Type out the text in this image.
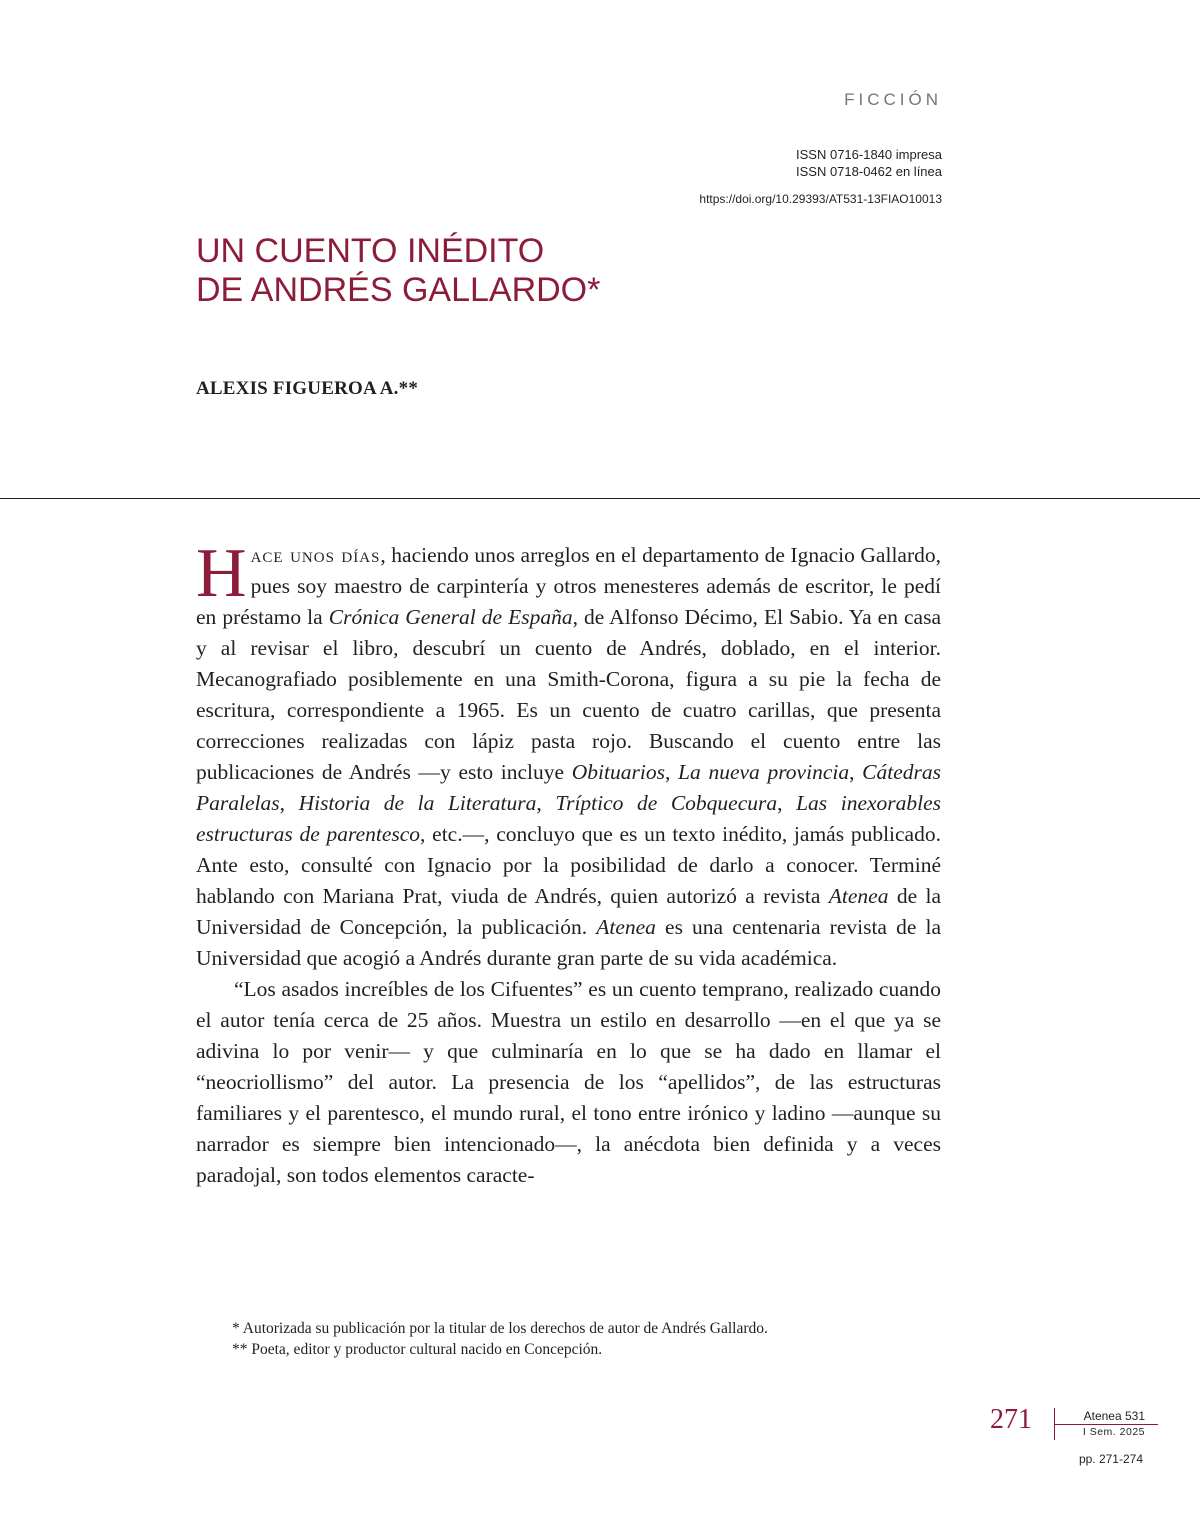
FICCIÓN
ISSN 0716-1840 impresa
ISSN 0718-0462 en línea
https://doi.org/10.29393/AT531-13FIAO10013
UN CUENTO INÉDITO
DE ANDRÉS GALLARDO*
ALEXIS FIGUEROA A.**

Hace unos días, haciendo unos arreglos en el departamento de Ignacio Gallardo, pues soy maestro de carpintería y otros menesteres además de escritor, le pedí en préstamo la Crónica General de España, de Alfonso Décimo, El Sabio. Ya en casa y al revisar el libro, descubrí un cuento de Andrés, doblado, en el interior. Mecanografiado posiblemente en una Smith-Corona, figura a su pie la fecha de escritura, correspondiente a 1965. Es un cuento de cuatro carillas, que presenta correcciones realizadas con lápiz pasta rojo. Buscando el cuento entre las publicaciones de Andrés —y esto incluye Obituarios, La nueva provincia, Cátedras Paralelas, Historia de la Literatura, Tríptico de Cobquecura, Las inexorables estructuras de parentesco, etc.—, concluyo que es un texto inédito, jamás publicado. Ante esto, consulté con Ignacio por la posibilidad de darlo a conocer. Terminé hablando con Mariana Prat, viuda de Andrés, quien autorizó a revista Atenea de la Universidad de Concepción, la publicación. Atenea es una centenaria revista de la Universidad que acogió a Andrés durante gran parte de su vida académica.

“Los asados increíbles de los Cifuentes” es un cuento temprano, realizado cuando el autor tenía cerca de 25 años. Muestra un estilo en desarrollo —en el que ya se adivina lo por venir— y que culminaría en lo que se ha dado en llamar el “neocriollismo” del autor. La presencia de los “apellidos”, de las estructuras familiares y el parentesco, el mundo rural, el tono entre irónico y ladino —aunque su narrador es siempre bien intencionado—, la anécdota bien definida y a veces paradojal, son todos elementos caracte-

* Autorizada su publicación por la titular de los derechos de autor de Andrés Gallardo.
** Poeta, editor y productor cultural nacido en Concepción.
271	Atenea 531
I Sem. 2025
pp. 271-274
